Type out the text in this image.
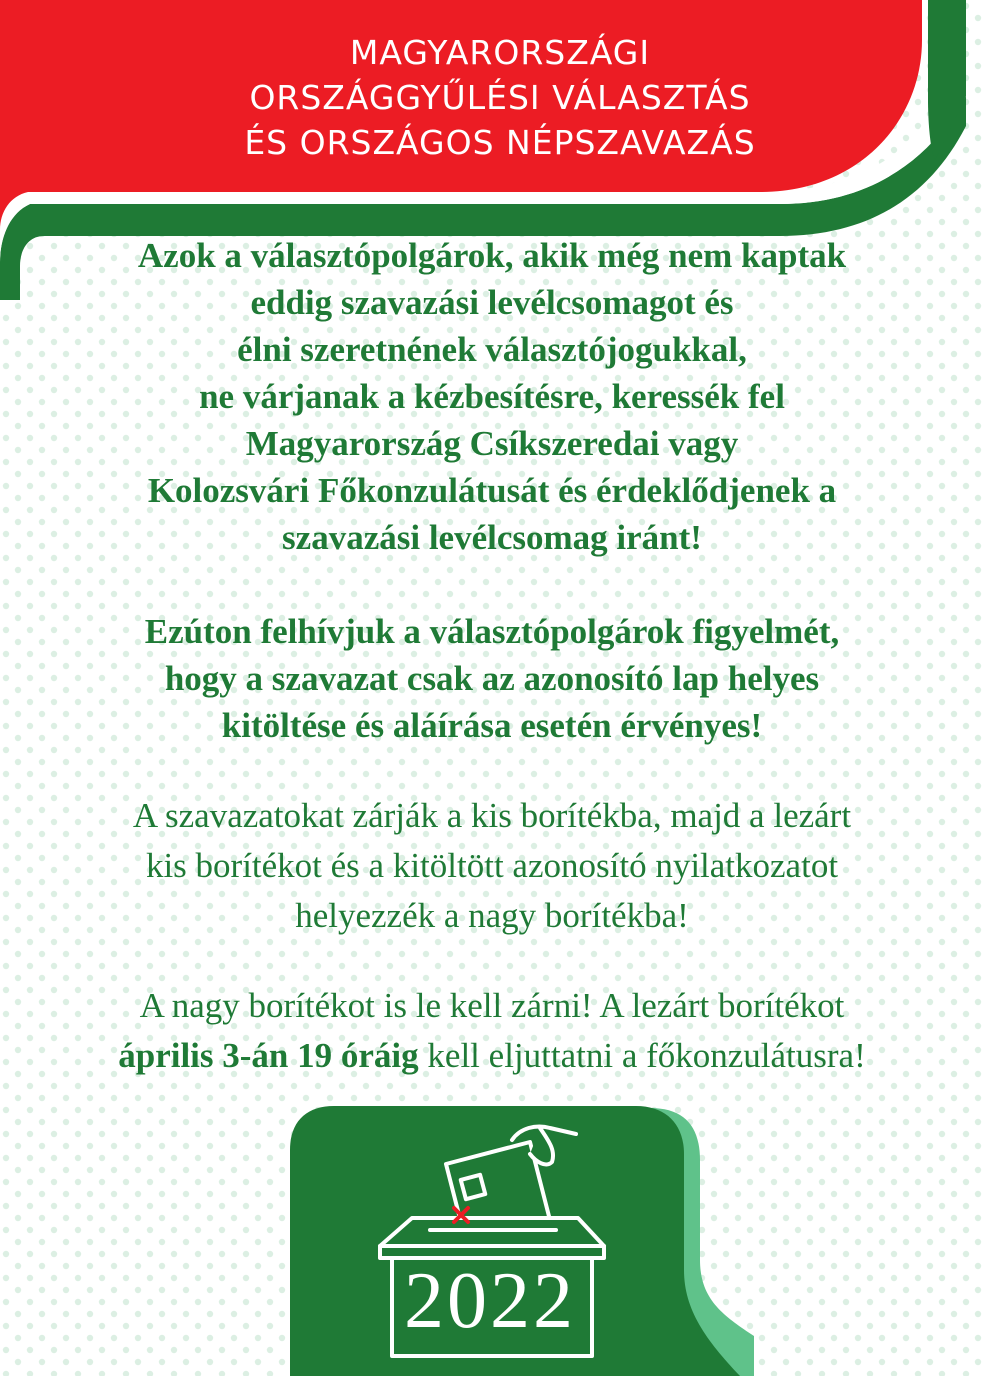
MAGYARORSZÁGI
ORSZÁGGYŰLÉSI VÁLASZTÁS
ÉS ORSZÁGOS NÉPSZAVAZÁS
Azok a választópolgárok, akik még nem kaptak
eddig szavazási levélcsomagot és
élni szeretnének választójogukkal,
ne várjanak a kézbesítésre, keressék fel
Magyarország Csíkszeredai vagy
Kolozsvári Főkonzulátusát és érdeklődjenek a
szavazási levélcsomag iránt!
Ezúton felhívjuk a választópolgárok figyelmét,
hogy a szavazat csak az azonosító lap helyes
kitöltése és aláírása esetén érvényes!
A szavazatokat zárják a kis borítékba, majd a lezárt
kis borítékot és a kitöltött azonosító nyilatkozatot
helyezzék a nagy borítékba!
A nagy borítékot is le kell zárni! A lezárt borítékot
április 3-án 19 óráig kell eljuttatni a főkonzulátusra!
2022
